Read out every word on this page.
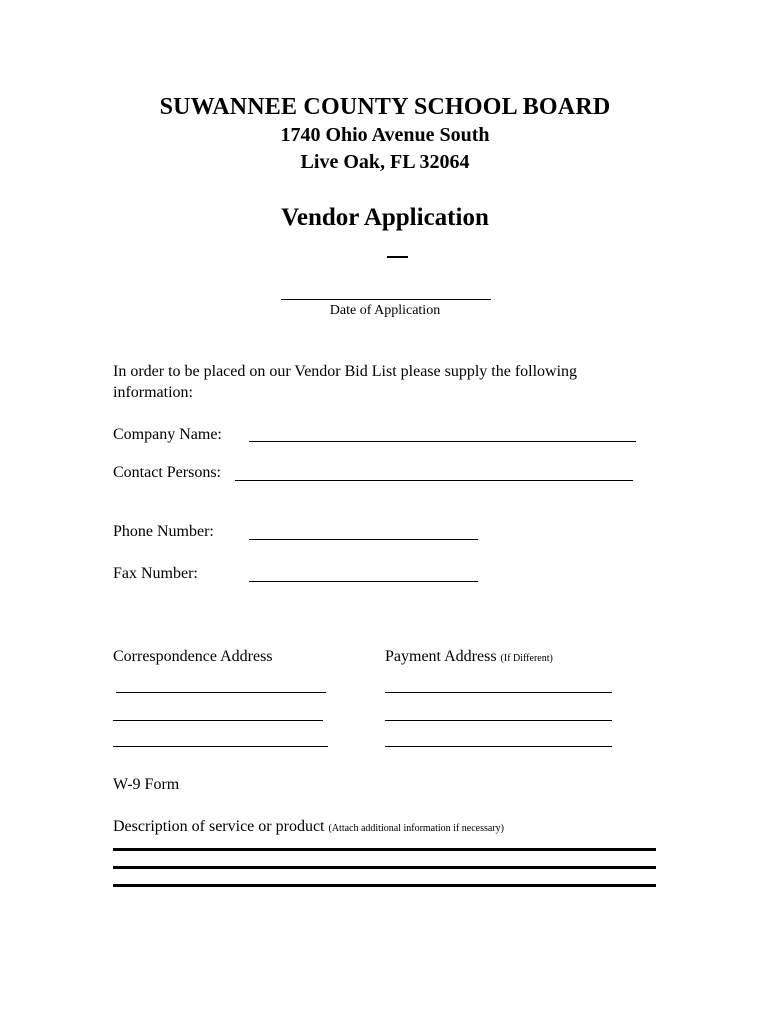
SUWANNEE COUNTY SCHOOL BOARD
1740 Ohio Avenue South
Live Oak, FL 32064
Vendor Application
Date of Application
In order to be placed on our Vendor Bid List please supply the following
information:
Company Name:
Contact Persons:
Phone Number:
Fax Number:
Correspondence Address	Payment Address (If Different)
W-9 Form
Description of service or product (Attach additional information if necessary)
